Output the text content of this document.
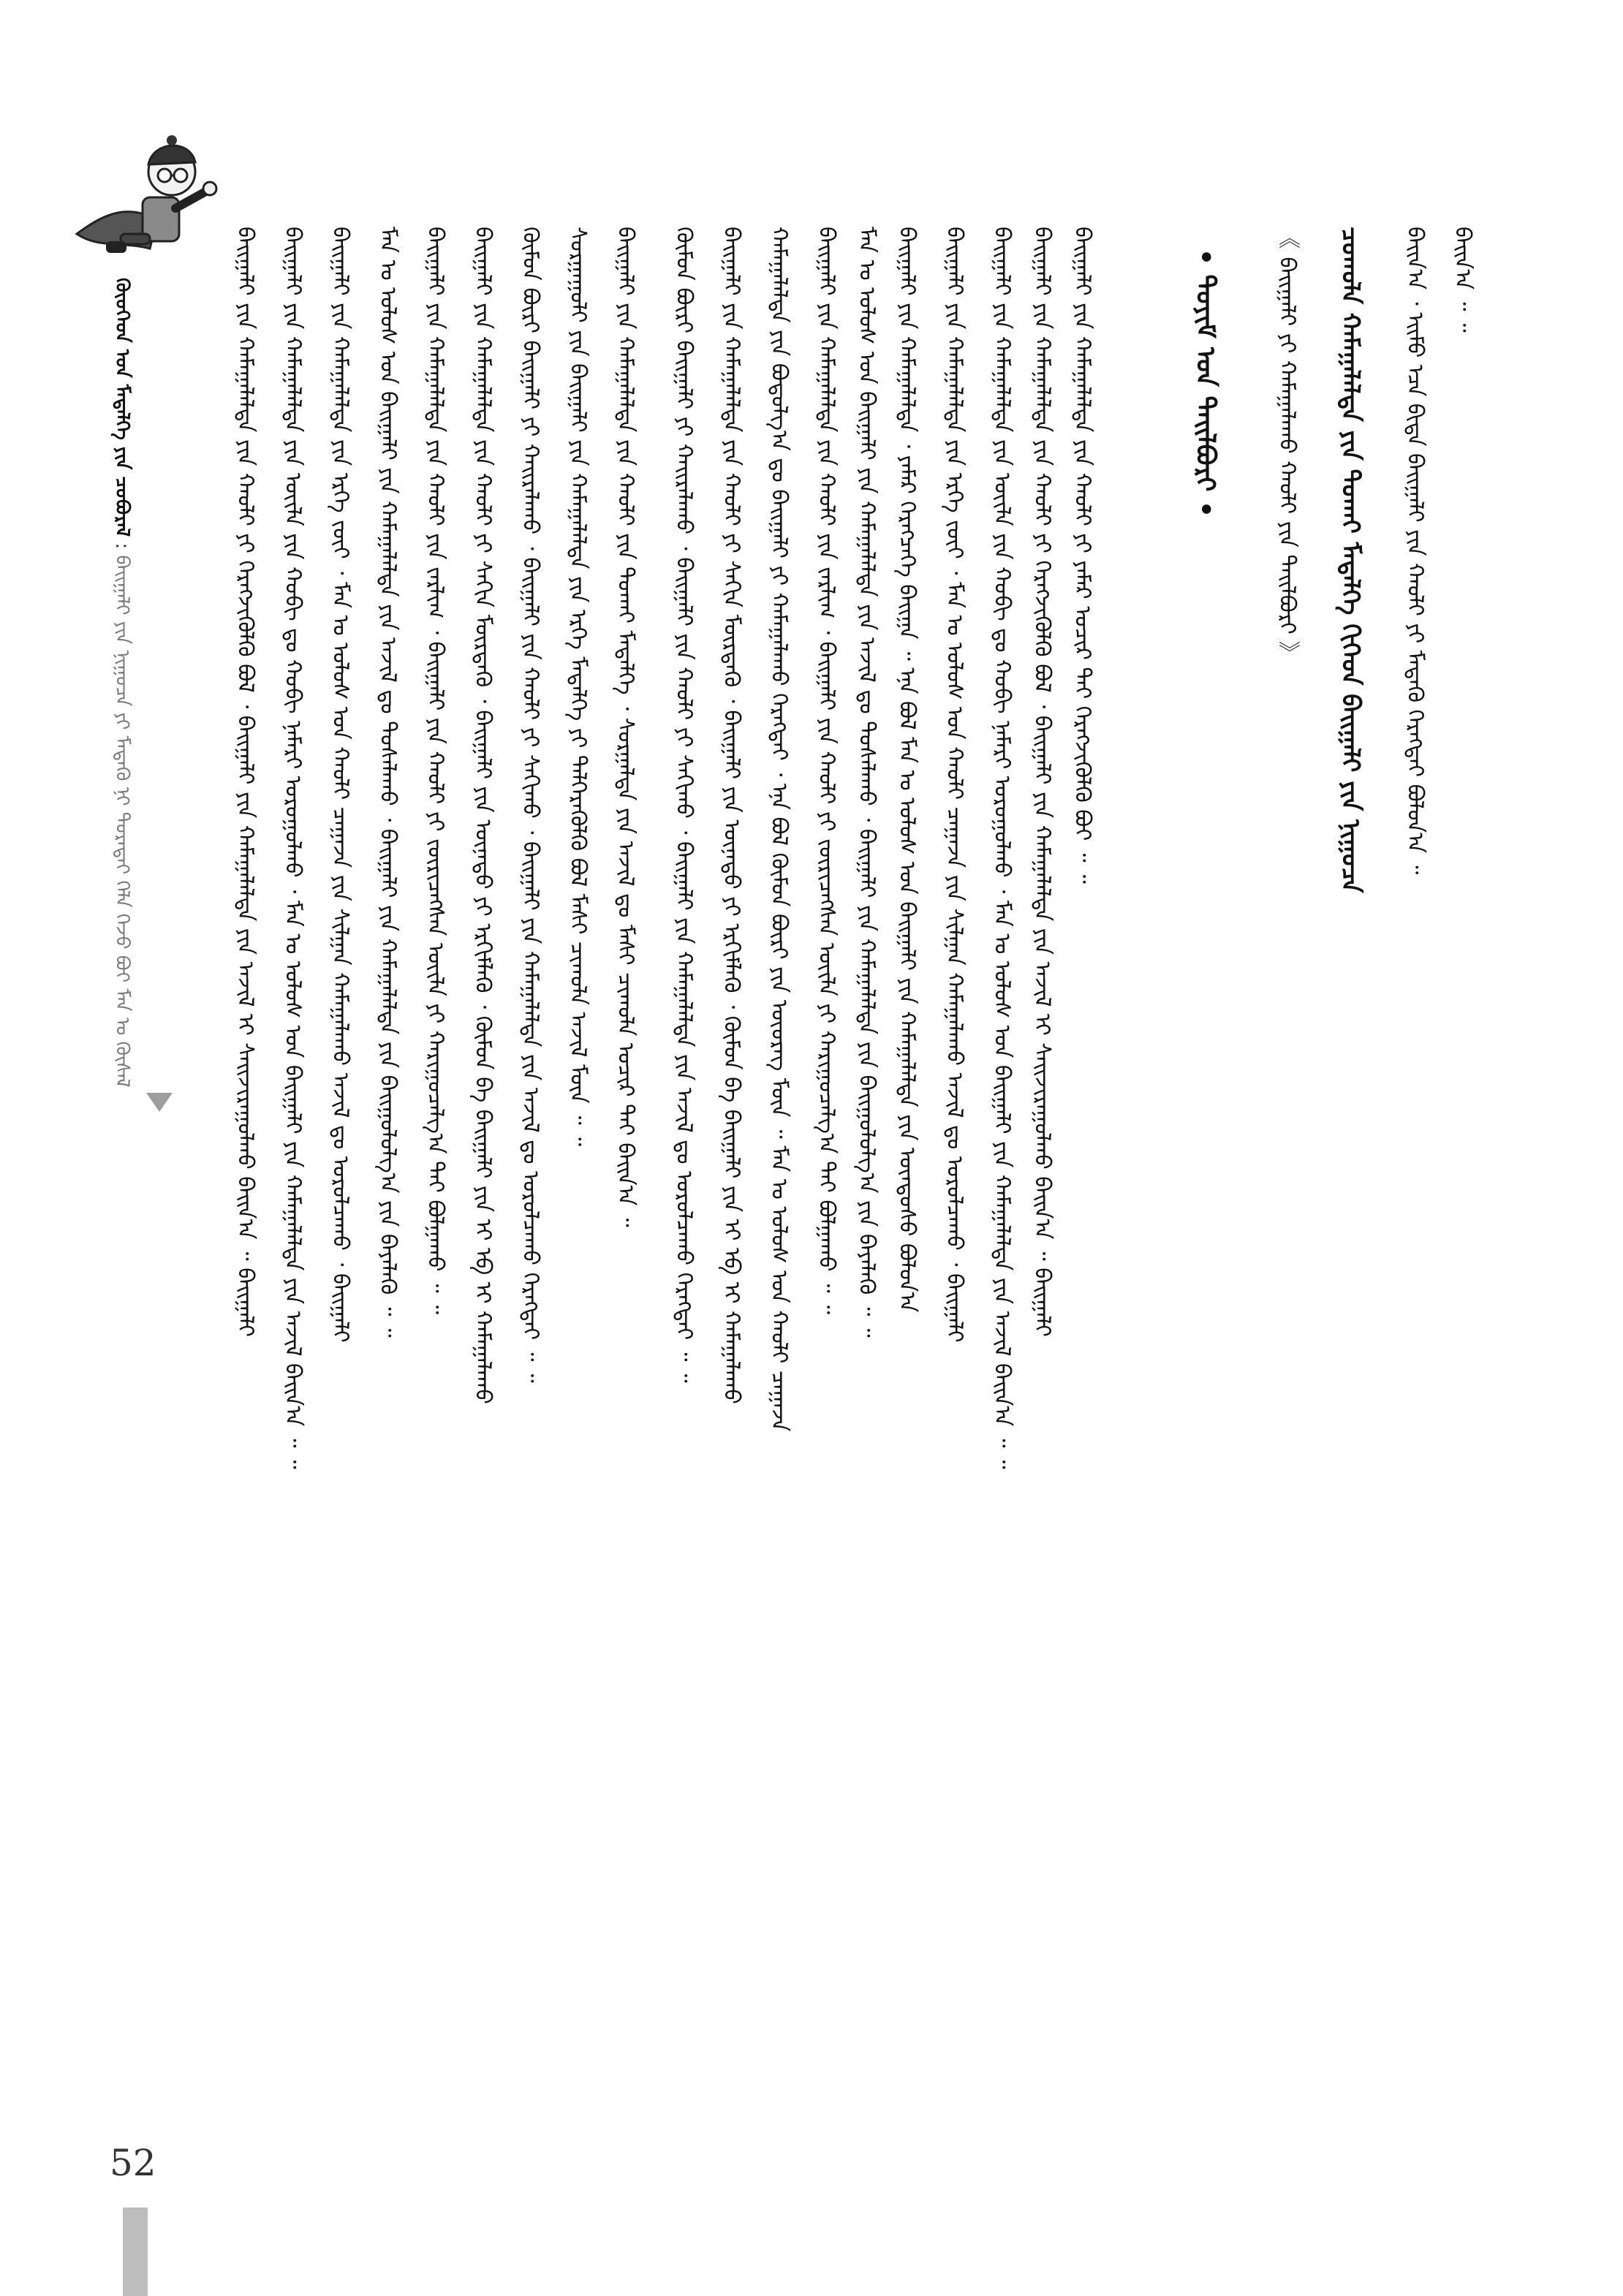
ᠬᠦᠦᠬᠡᠳ ᠤᠨ ᠮᠡᠳᠡᠯᠭᠡ ᠶᠢᠨ ᠴᠤᠪᠤᠷᠠᠯ : ᠪᠠᠢᠭᠠᠯᠢ ᠶᠢᠨ ᠨᠢᠭᠤᠴᠠ ᠶᠢ ᠮᠡᠳᠡᠬᠦ ᠨᠢ ᠳᠤᠷᠠᠳᠠᠢ ᠭᠡᠯᠡ ᠭᠡᠵᠦ ᠪᠤᠢ ᠮᠠᠨ ᠤ ᠬᠦᠰᠡᠯ	ᠪᠠᠢᠭᠠᠯᠢ ᠶᠢᠨ ᠬᠠᠮᠠᠭᠠᠯᠠᠯᠲᠠ ᠶᠢᠨ ᠬᠠᠤᠯᠢ ᠶᠢ ᠬᠡᠷᠡᠭᠵᠢᠭᠦᠯᠬᠦ ᠪᠤᠯ ᠂ ᠪᠠᠢᠭᠠᠯᠢ ᠶᠢᠨ ᠬᠠᠮᠠᠭᠠᠯᠠᠯᠲᠠ ᠶᠢᠨ ᠠᠵᠢᠯ ᠢ ᠰᠠᠢᠵᠢᠷᠠᠭᠤᠯᠬᠤ ᠪᠠᠢᠨ᠎ᠠ ᠃ ᠪᠠᠢᠭᠠᠯᠢ ᠪᠠᠢᠭᠠᠯᠢ ᠶᠢᠨ ᠬᠠᠮᠠᠭᠠᠯᠠᠯᠲᠠ ᠶᠢᠨ ᠦᠢᠯᠡ ᠶᠢᠨ ᠬᠤᠪᠢ ᠳᠤ ᠬᠤᠪᠢ ᠨᠡᠮᠡᠷᠢ ᠣᠷᠤᠭᠤᠯᠬᠤ ᠂ ᠮᠠᠨ ᠤ ᠤᠯᠤᠰ ᠤᠨ ᠪᠠᠢᠭᠠᠯᠢ ᠶᠢᠨ ᠬᠠᠮᠠᠭᠠᠯᠠᠯᠲᠠ ᠶᠢᠨ ᠠᠵᠢᠯ ᠪᠠᠢᠨ᠎ᠠ ᠃ ᠃ ᠪᠠᠢᠭᠠᠯᠢ ᠶᠢᠨ ᠬᠠᠮᠠᠭᠠᠯᠠᠯᠲᠠ ᠶᠢᠨ ᠡᠷᠬᠡ ᠵᠦᠢ ᠂ ᠮᠠᠨ ᠤ ᠤᠯᠤᠰ ᠤᠨ ᠬᠠᠤᠯᠢ ᠴᠠᠭᠠᠵᠠ ᠶᠢᠨ ᠰᠢᠯᠭᠠᠨ ᠬᠠᠮᠠᠭᠠᠯᠠᠬᠤ ᠠᠵᠢᠯ ᠳᠤ ᠣᠷᠤᠯᠴᠠᠬᠤ ᠂ ᠪᠠᠢᠭᠠᠯᠢ ᠮᠠᠨ ᠤ ᠤᠯᠤᠰ ᠤᠨ ᠪᠠᠢᠭᠠᠯᠢ ᠶᠢᠨ ᠬᠠᠮᠠᠭᠠᠯᠠᠯᠲᠠ ᠶᠢᠨ ᠠᠵᠢᠯ ᠳᠤ ᠲᠤᠰᠠᠯᠠᠬᠤ ᠂ ᠪᠠᠢᠭᠠᠯᠢ ᠶᠢᠨ ᠬᠠᠮᠠᠭᠠᠯᠠᠯᠲᠠ ᠶᠢᠨ ᠪᠠᠢᠭᠤᠯᠤᠯᠭ᠎ᠠ ᠶᠢᠨ ᠪᠡᠶᠡᠯᠡᠬᠦ ᠃ ᠃ ᠪᠠᠢᠭᠠᠯᠢ ᠶᠢᠨ ᠬᠠᠮᠠᠭᠠᠯᠠᠯᠲᠠ ᠶᠢᠨ ᠬᠠᠤᠯᠢ ᠶᠢᠨ ᠵᠠᠷᠯᠢᠭ ᠂ ᠪᠠᠢᠭᠠᠯᠢ ᠶᠢᠨ ᠬᠠᠤᠯᠢ ᠶᠢ ᠵᠥᠷᠢᠴᠡᠭᠰᠡᠨ ᠦᠢᠯᠡ ᠶᠢ ᠬᠠᠷᠢᠭᠤᠴᠠᠯᠭ᠎ᠠ ᠲᠠᠢ ᠪᠤᠯᠭᠠᠬᠤ ᠃ ᠃ ᠪᠠᠢᠭᠠᠯᠢ ᠶᠢᠨ ᠬᠠᠮᠠᠭᠠᠯᠠᠯᠲᠠ ᠶᠢᠨ ᠬᠠᠤᠯᠢ ᠶᠢ ᠰᠠᠬᠢᠨ ᠮᠥᠷᠳᠡᠬᠦ ᠂ ᠪᠠᠢᠭᠠᠯᠢ ᠶᠢᠨ ᠦᠨᠡᠲᠦ ᠶᠢ ᠡᠷᠬᠢᠮᠯᠡᠬᠦ ᠂ ᠬᠦᠮᠦᠨ ᠪᠠ ᠪᠠᠢᠭᠠᠯᠢ ᠶᠢᠨ ᠡᠶ ᠡᠪ ᠢ ᠬᠠᠮᠠᠭᠠᠯᠠᠬᠤ ᠬᠦᠮᠦᠨ ᠪᠦᠷᠢ ᠪᠠᠢᠭᠠᠯᠢ ᠶᠢ ᠬᠠᠢᠷᠠᠯᠠᠬᠤ ᠂ ᠪᠠᠢᠭᠠᠯᠢ ᠶᠢᠨ ᠬᠠᠤᠯᠢ ᠶᠢ ᠰᠠᠬᠢᠬᠤ ᠂ ᠪᠠᠢᠭᠠᠯᠢ ᠶᠢᠨ ᠬᠠᠮᠠᠭᠠᠯᠠᠯᠲᠠ ᠶᠢᠨ ᠠᠵᠢᠯ ᠳᠤ ᠣᠷᠤᠯᠴᠠᠬᠤ ᠬᠡᠷᠡᠭᠲᠡᠢ ᠃ ᠃ ᠰᠤᠷᠭᠠᠭᠤᠯᠢ ᠶᠢᠨ ᠪᠠᠢᠭᠠᠯᠢ ᠶᠢᠨ ᠬᠠᠮᠠᠭᠠᠯᠠᠯᠲᠠ ᠶᠢᠨ ᠡᠷᠬᠡ ᠮᠡᠳᠡᠯᠭᠡ ᠶᠢ ᠳᠡᠯᠭᠡᠷᠡᠭᠦᠯᠬᠦ ᠪᠤᠯ ᠮᠠᠰᠢ ᠴᠢᠬᠤᠯᠠ ᠠᠵᠢᠯ ᠮᠦᠨ ᠃ ᠃ ᠪᠠᠢᠭᠠᠯᠢ ᠶᠢᠨ ᠬᠠᠮᠠᠭᠠᠯᠠᠯᠲᠠ ᠶᠢᠨ ᠬᠠᠤᠯᠢ ᠶᠢᠨ ᠲᠤᠬᠠᠢ ᠮᠡᠳᠡᠯᠭᠡ ᠂ ᠰᠤᠷᠭᠠᠯᠲᠠ ᠶᠢᠨ ᠠᠵᠢᠯ ᠳᠤ ᠮᠠᠰᠢ ᠴᠢᠬᠤᠯᠠ ᠤᠴᠢᠷ ᠲᠠᠢ ᠪᠠᠢᠨ᠎ᠠ ᠃	ᠬᠠᠮᠠᠭᠠᠯᠠᠯᠲᠠ ᠶᠢᠨ ᠪᠤᠳᠤᠯᠭ᠎ᠠ ᠳᠤ ᠪᠠᠢᠭᠠᠯᠢ ᠶᠢ ᠬᠠᠮᠠᠭᠠᠯᠠᠬᠤ ᠬᠡᠷᠡᠭᠲᠡᠢ ᠂ ᠡᠨᠡ ᠪᠤᠯ ᠬᠦᠮᠦᠨ ᠪᠦᠷᠢ ᠶᠢᠨ ᠦᠦᠷᠡᠭ ᠮᠦᠨ ᠃ ᠮᠠᠨ ᠤ ᠤᠯᠤᠰ ᠤᠨ ᠬᠠᠤᠯᠢ ᠴᠠᠭᠠᠵᠠ	ᠪᠠᠢᠭᠠᠯᠢ ᠶᠢᠨ ᠬᠠᠮᠠᠭᠠᠯᠠᠯᠲᠠ ᠂ ᠶᠠᠮᠠᠷ ᠬᠡᠷᠡᠭᠴᠡᠭᠡ ᠪᠠᠢᠭᠠ ᠃ ᠡᠨᠡ ᠪᠤᠯ ᠮᠠᠨ ᠤ ᠤᠯᠤᠰ ᠤᠨ ᠪᠠᠢᠭᠠᠯᠢ ᠶᠢᠨ ᠬᠠᠮᠠᠭᠠᠯᠠᠯᠲᠠ ᠶᠢᠨ ᠦᠨᠳᠦᠰᠦ ᠪᠤᠯᠤᠨ᠎ᠠ	ᠪᠠᠢᠭᠠᠯᠢ ᠶᠢᠨ ᠬᠠᠮᠠᠭᠠᠯᠠᠯᠲᠠ ᠶᠢᠨ ᠬᠠᠤᠯᠢ ᠶᠢ ᠶᠠᠮᠠᠷ ᠤᠴᠢᠷ ᠲᠠᠢ ᠬᠡᠷᠡᠭᠵᠢᠭᠦᠯᠬᠦ ᠪᠤᠢ ᠃ ᠃
ᠬᠦᠮᠦᠨ ᠪᠦᠷᠢ ᠪᠠᠢᠭᠠᠯᠢ ᠶᠢ ᠬᠠᠢᠷᠠᠯᠠᠬᠤ ᠂ ᠪᠠᠢᠭᠠᠯᠢ ᠶᠢᠨ ᠬᠠᠤᠯᠢ ᠶᠢ ᠰᠠᠬᠢᠬᠤ ᠂ ᠪᠠᠢᠭᠠᠯᠢ ᠶᠢᠨ ᠬᠠᠮᠠᠭᠠᠯᠠᠯᠲᠠ ᠶᠢᠨ ᠠᠵᠢᠯ ᠳᠤ ᠣᠷᠤᠯᠴᠠᠬᠤ ᠬᠡᠷᠡᠭᠲᠡᠢ ᠃ ᠃ ᠪᠠᠢᠭᠠᠯᠢ ᠶᠢᠨ ᠬᠠᠮᠠᠭᠠᠯᠠᠯᠲᠠ ᠶᠢᠨ ᠬᠠᠤᠯᠢ ᠶᠢ ᠰᠠᠬᠢᠨ ᠮᠥᠷᠳᠡᠬᠦ ᠂ ᠪᠠᠢᠭᠠᠯᠢ ᠶᠢᠨ ᠦᠨᠡᠲᠦ ᠶᠢ ᠡᠷᠬᠢᠮᠯᠡᠬᠦ ᠂ ᠬᠦᠮᠦᠨ ᠪᠠ ᠪᠠᠢᠭᠠᠯᠢ ᠶᠢᠨ ᠡᠶ ᠡᠪ ᠢ ᠬᠠᠮᠠᠭᠠᠯᠠᠬᠤ	ᠪᠠᠢᠭᠠᠯᠢ ᠶᠢᠨ ᠬᠠᠮᠠᠭᠠᠯᠠᠯᠲᠠ ᠶᠢᠨ ᠬᠠᠤᠯᠢ ᠶᠢᠨ ᠵᠠᠷᠯᠢᠭ ᠂ ᠪᠠᠢᠭᠠᠯᠢ ᠶᠢᠨ ᠬᠠᠤᠯᠢ ᠶᠢ ᠵᠥᠷᠢᠴᠡᠭᠰᠡᠨ ᠦᠢᠯᠡ ᠶᠢ ᠬᠠᠷᠢᠭᠤᠴᠠᠯᠭ᠎ᠠ ᠲᠠᠢ ᠪᠤᠯᠭᠠᠬᠤ ᠃ ᠃ ᠮᠠᠨ ᠤ ᠤᠯᠤᠰ ᠤᠨ ᠪᠠᠢᠭᠠᠯᠢ ᠶᠢᠨ ᠬᠠᠮᠠᠭᠠᠯᠠᠯᠲᠠ ᠶᠢᠨ ᠠᠵᠢᠯ ᠳᠤ ᠲᠤᠰᠠᠯᠠᠬᠤ ᠂ ᠪᠠᠢᠭᠠᠯᠢ ᠶᠢᠨ ᠬᠠᠮᠠᠭᠠᠯᠠᠯᠲᠠ ᠶᠢᠨ ᠪᠠᠢᠭᠤᠯᠤᠯᠭ᠎ᠠ ᠶᠢᠨ ᠪᠡᠶᠡᠯᠡᠬᠦ ᠃ ᠃	ᠪᠠᠢᠭᠠᠯᠢ ᠶᠢᠨ ᠬᠠᠮᠠᠭᠠᠯᠠᠯᠲᠠ ᠶᠢᠨ ᠡᠷᠬᠡ ᠵᠦᠢ ᠂ ᠮᠠᠨ ᠤ ᠤᠯᠤᠰ ᠤᠨ ᠬᠠᠤᠯᠢ ᠴᠠᠭᠠᠵᠠ ᠶᠢᠨ ᠰᠢᠯᠭᠠᠨ ᠬᠠᠮᠠᠭᠠᠯᠠᠬᠤ ᠠᠵᠢᠯ ᠳᠤ ᠣᠷᠤᠯᠴᠠᠬᠤ ᠂ ᠪᠠᠢᠭᠠᠯᠢ ᠪᠠᠢᠭᠠᠯᠢ ᠶᠢᠨ ᠬᠠᠮᠠᠭᠠᠯᠠᠯᠲᠠ ᠶᠢᠨ ᠦᠢᠯᠡ ᠶᠢᠨ ᠬᠤᠪᠢ ᠳᠤ ᠬᠤᠪᠢ ᠨᠡᠮᠡᠷᠢ ᠣᠷᠤᠭᠤᠯᠬᠤ ᠂ ᠮᠠᠨ ᠤ ᠤᠯᠤᠰ ᠤᠨ ᠪᠠᠢᠭᠠᠯᠢ ᠶᠢᠨ ᠬᠠᠮᠠᠭᠠᠯᠠᠯᠲᠠ ᠶᠢᠨ ᠠᠵᠢᠯ ᠪᠠᠢᠨ᠎ᠠ ᠃ ᠃ ᠪᠠᠢᠭᠠᠯᠢ ᠶᠢᠨ ᠬᠠᠮᠠᠭᠠᠯᠠᠯᠲᠠ ᠶᠢᠨ ᠬᠠᠤᠯᠢ ᠶᠢ ᠬᠡᠷᠡᠭᠵᠢᠭᠦᠯᠬᠦ ᠪᠤᠯ ᠂ ᠪᠠᠢᠭᠠᠯᠢ ᠶᠢᠨ ᠬᠠᠮᠠᠭᠠᠯᠠᠯᠲᠠ ᠶᠢᠨ ᠠᠵᠢᠯ ᠢ ᠰᠠᠢᠵᠢᠷᠠᠭᠤᠯᠬᠤ ᠪᠠᠢᠨ᠎ᠠ ᠃ ᠪᠠᠢᠭᠠᠯᠢ	• ᠲᠤᠶᠢᠮ ᠤᠨ ᠲᠠᠢᠯᠪᠤᠷᠢ • 《 ᠪᠠᠢᠭᠠᠯᠢ ᠶᠢ ᠬᠠᠮᠠᠭᠠᠯᠠᠬᠤ ᠬᠠᠤᠯᠢ ᠶᠢᠨ ᠲᠠᠢᠯᠪᠤᠷᠢ 》 ᠴᠤᠬᠤᠯᠠ ᠬᠠᠮᠠᠭᠠᠯᠠᠯᠳᠠ ᠶᠢᠨ ᠲᠤᠬᠠᠢ ᠮᠡᠳᠡᠯᠭᠡ ᠬᠢᠬᠡᠳ ᠪᠠᠢᠭᠠᠯᠢ ᠶᠢᠨ ᠨᠢᠭᠤᠴᠠ ᠪᠠᠢᠨ᠎ᠠ ᠂ ᠡᠢᠮᠦ ᠡᠴᠡ ᠪᠢᠳᠡ ᠪᠠᠢᠭᠠᠯᠢ ᠶᠢᠨ ᠬᠠᠤᠯᠢ ᠶᠢ ᠮᠡᠳᠡᠬᠦ ᠬᠡᠷᠡᠭᠲᠡᠢ ᠪᠤᠯᠤᠨ᠎ᠠ ᠃ ᠪᠠᠢᠨ᠎ᠠ ᠃ ᠃
52
